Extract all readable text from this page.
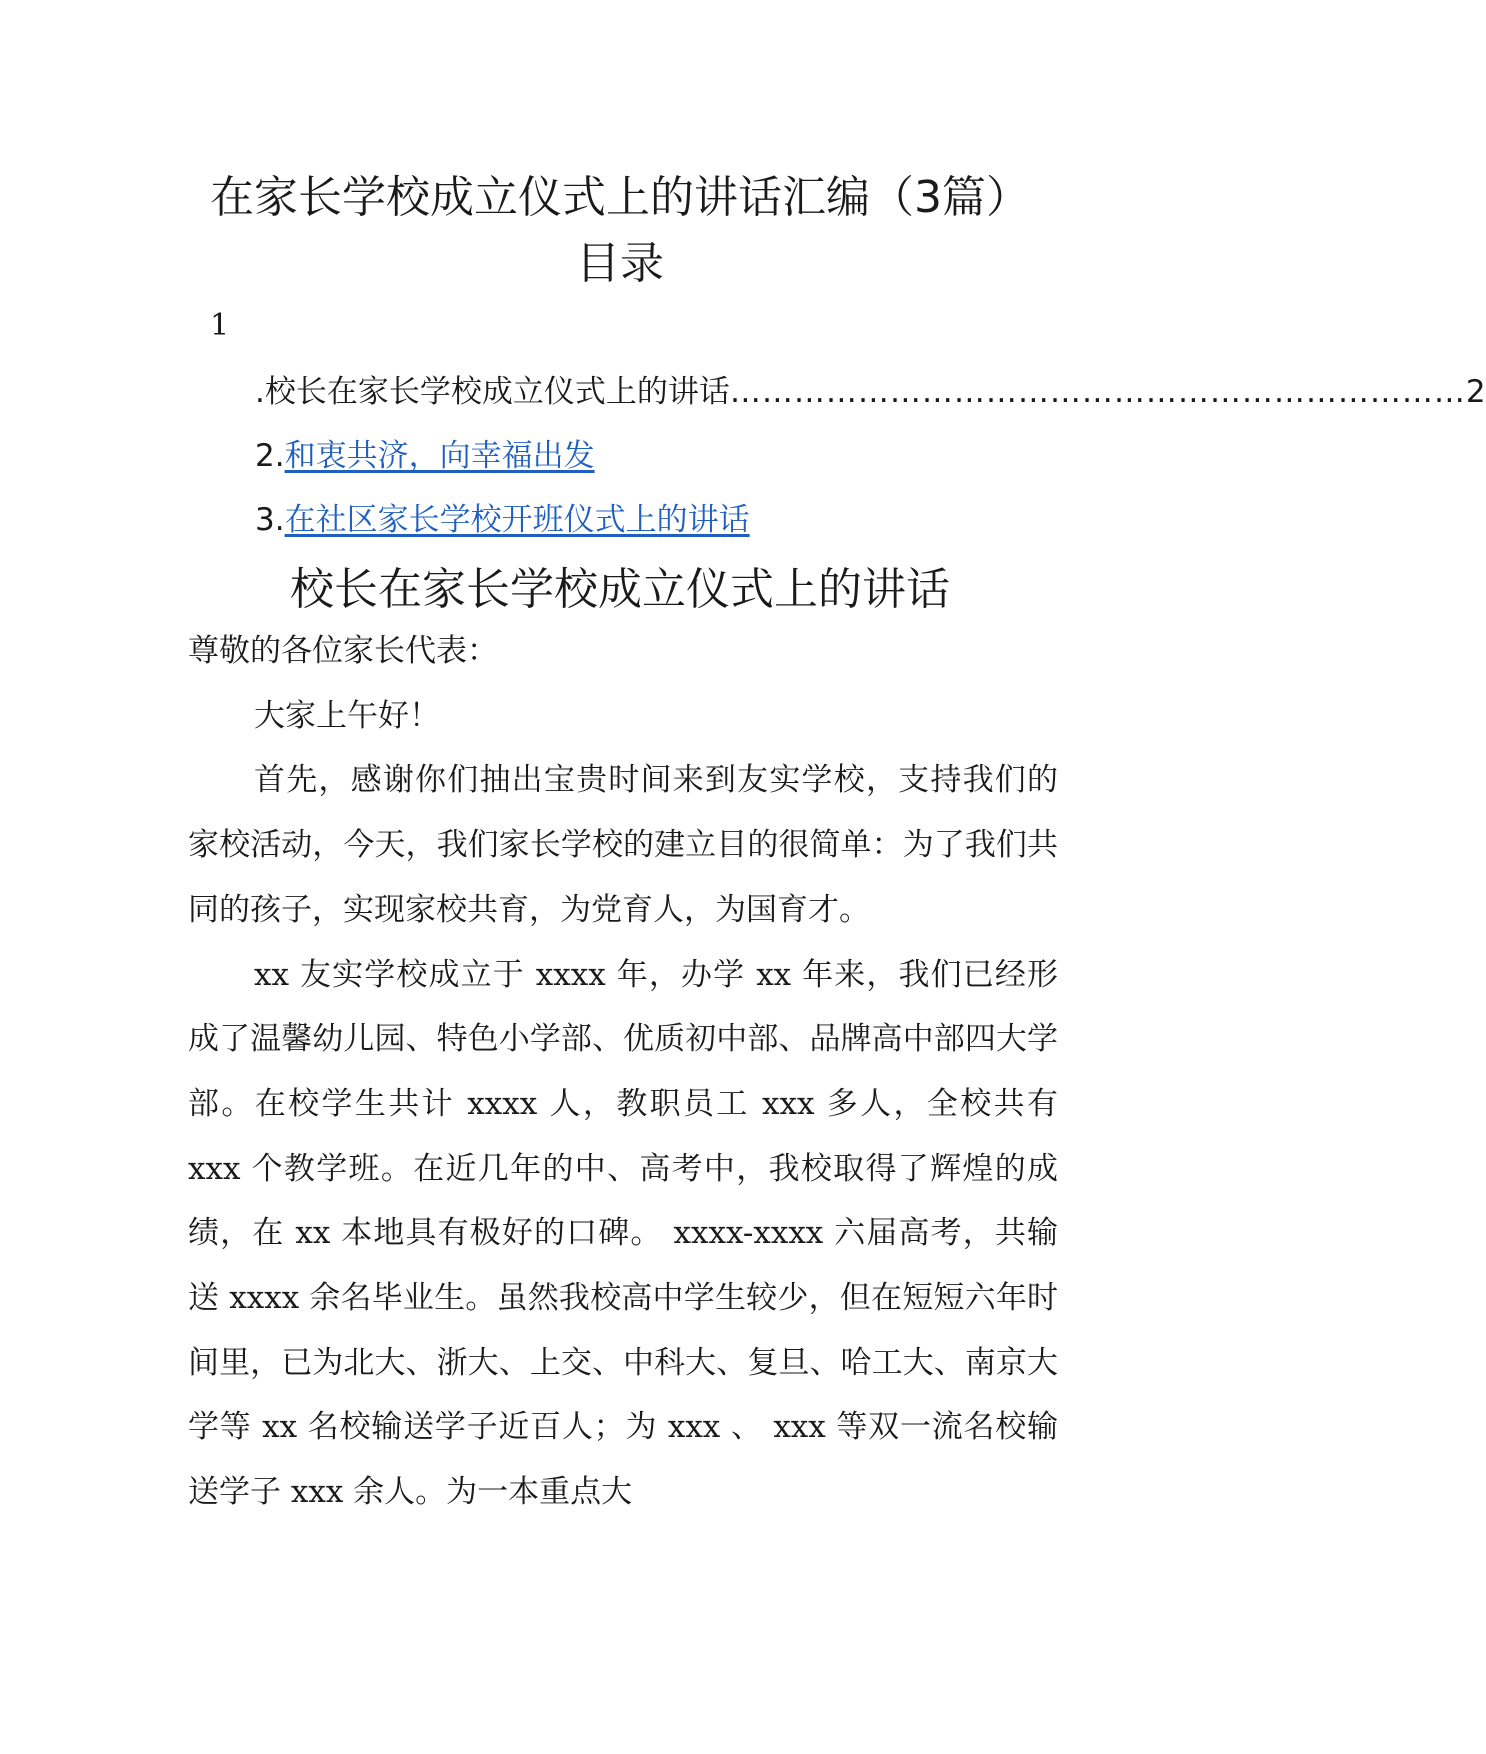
在家长学校成立仪式上的讲话汇编（3篇）
目录
1
.校长在家长学校成立仪式上的讲话 …………………………………………………………… 2
2.和衷共济，向幸福出发
3.在社区家长学校开班仪式上的讲话
校长在家长学校成立仪式上的讲话

尊敬的各位家长代表：

大家上午好！

首先，感谢你们抽出宝贵时间来到友实学校，支持我们的家校活动，今天，我们家长学校的建立目的很简单：为了我们共同的孩子，实现家校共育，为党育人，为国育才。

xx 友实学校成立于 xxxx 年，办学 xx 年来，我们已经形成了温馨幼儿园、特色小学部、优质初中部、品牌高中部四大学部。在校学生共计 xxxx 人，教职员工 xxx 多人，全校共有 xxx 个教学班。在近几年的中、高考中，我校取得了辉煌的成绩，在 xx 本地具有极好的口碑。 xxxx-xxxx 六届高考，共输送 xxxx 余名毕业生。虽然我校高中学生较少，但在短短六年时间里，已为北大、浙大、上交、中科大、复旦、哈工大、南京大学等 xx 名校输送学子近百人；为 xxx 、 xxx 等双一流名校输送学子 xxx 余人。为一本重点大
